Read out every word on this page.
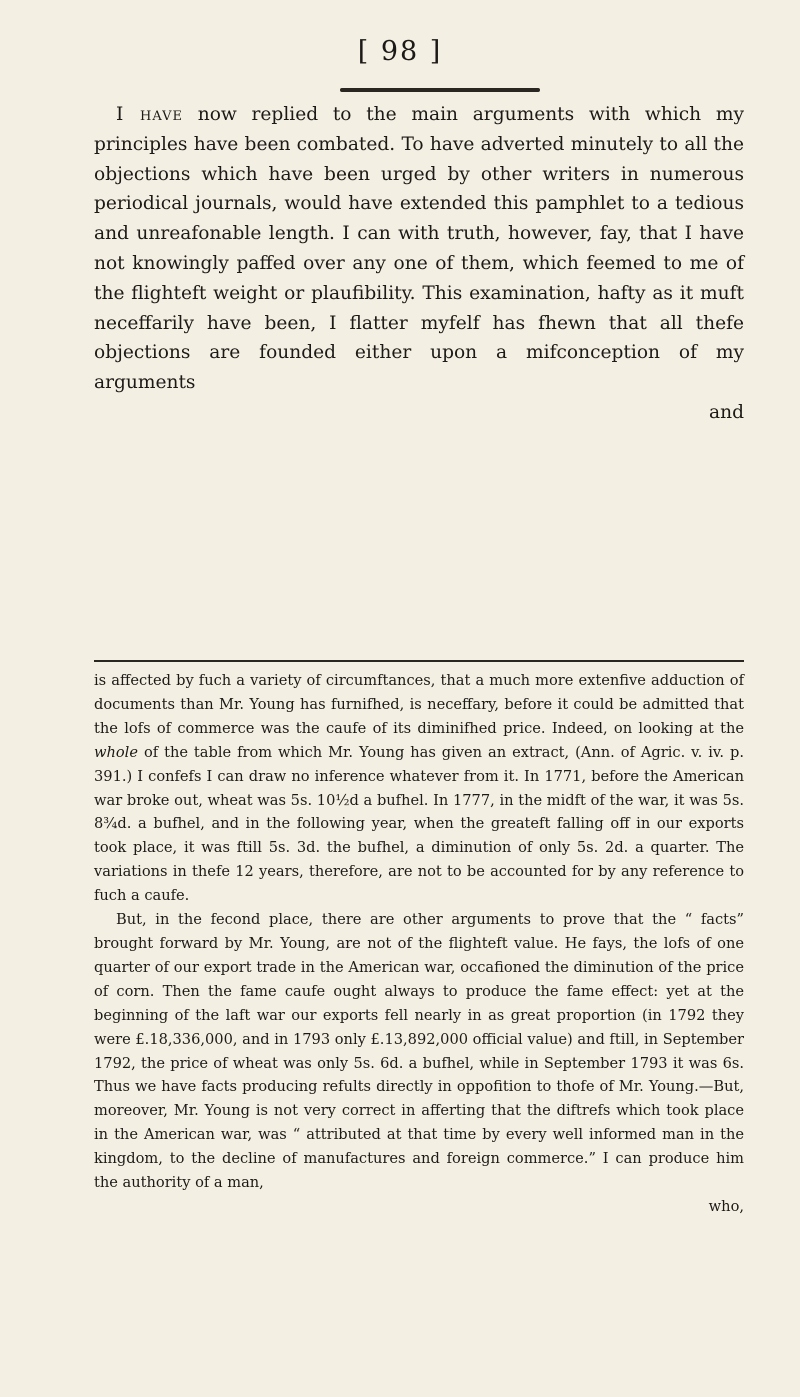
[ 98 ]

I have now replied to the main arguments with which my principles have been combated. To have adverted minutely to all the objections which have been urged by other writers in numerous periodical journals, would have extended this pamphlet to a tedious and unreafonable length. I can with truth, however, fay, that I have not knowingly paffed over any one of them, which feemed to me of the flighteft weight or plaufibility. This examination, hafty as it muft neceffarily have been, I flatter myfelf has fhewn that all thefe objections are founded either upon a mifconception of my arguments

and

is affected by fuch a variety of circumftances, that a much more extenfive adduction of documents than Mr. Young has furnifhed, is neceffary, before it could be admitted that the lofs of commerce was the caufe of its diminifhed price. Indeed, on looking at the whole of the table from which Mr. Young has given an extract, (Ann. of Agric. v. iv. p. 391.) I confefs I can draw no inference whatever from it. In 1771, before the American war broke out, wheat was 5s. 10½d a bufhel. In 1777, in the midft of the war, it was 5s. 8¾d. a bufhel, and in the following year, when the greateft falling off in our exports took place, it was ftill 5s. 3d. the bufhel, a diminution of only 5s. 2d. a quarter. The variations in thefe 12 years, therefore, are not to be accounted for by any reference to fuch a caufe.

But, in the fecond place, there are other arguments to prove that the “ facts” brought forward by Mr. Young, are not of the flighteft value. He fays, the lofs of one quarter of our export trade in the American war, occafioned the diminution of the price of corn. Then the fame caufe ought always to produce the fame effect: yet at the beginning of the laft war our exports fell nearly in as great proportion (in 1792 they were £.18,336,000, and in 1793 only £.13,892,000 official value) and ftill, in September 1792, the price of wheat was only 5s. 6d. a bufhel, while in September 1793 it was 6s. Thus we have facts producing refults directly in oppofition to thofe of Mr. Young.—But, moreover, Mr. Young is not very correct in afferting that the diftrefs which took place in the American war, was “ attributed at that time by every well informed man in the kingdom, to the decline of manufactures and foreign commerce.” I can produce him the authority of a man,

who,
